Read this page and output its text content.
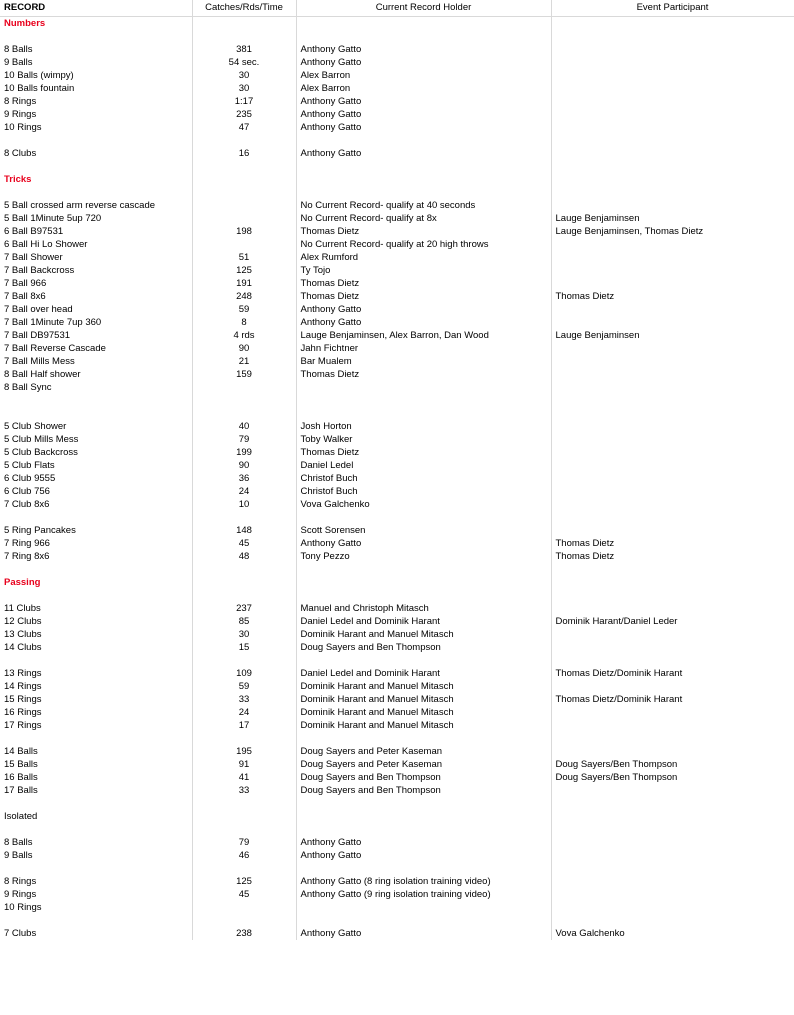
RECORD	Catches/Rds/Time	Current Record Holder	Event Participant
Numbers			

8 Balls	381	Anthony Gatto	
9 Balls	54 sec.	Anthony Gatto	
10 Balls (wimpy)	30	Alex Barron	
10 Balls fountain	30	Alex Barron	
8 Rings	1:17	Anthony Gatto	
9 Rings	235	Anthony Gatto	
10 Rings	47	Anthony Gatto	

8 Clubs	16	Anthony Gatto	

Tricks			

5 Ball crossed arm reverse cascade		No Current Record- qualify at 40 seconds	
5 Ball 1Minute 5up 720		No Current Record- qualify at 8x	Lauge Benjaminsen
6 Ball B97531	198	Thomas Dietz	Lauge Benjaminsen, Thomas Dietz
6 Ball Hi Lo Shower		No Current Record- qualify at 20 high throws	
7 Ball Shower	51	Alex Rumford	
7 Ball Backcross	125	Ty Tojo	
7 Ball 966	191	Thomas Dietz	
7 Ball 8x6	248	Thomas Dietz	Thomas Dietz
7 Ball over head	59	Anthony Gatto	
7 Ball 1Minute 7up 360	8	Anthony Gatto	
7 Ball DB97531	4 rds	Lauge Benjaminsen, Alex Barron, Dan Wood	Lauge Benjaminsen
7 Ball Reverse Cascade	90	Jahn Fichtner	
7 Ball Mills Mess	21	Bar Mualem	
8 Ball Half shower	159	Thomas Dietz	
8 Ball Sync			

5 Club Shower	40	Josh Horton	
5 Club Mills Mess	79	Toby Walker	
5 Club Backcross	199	Thomas Dietz	
5 Club Flats	90	Daniel Ledel	
6 Club 9555	36	Christof Buch	
6 Club 756	24	Christof Buch	
7 Club 8x6	10	Vova Galchenko	

5 Ring Pancakes	148	Scott Sorensen	
7 Ring 966	45	Anthony Gatto	Thomas Dietz
7 Ring 8x6	48	Tony Pezzo	Thomas Dietz

Passing			

11 Clubs	237	Manuel and Christoph Mitasch	
12 Clubs	85	Daniel Ledel and Dominik Harant	Dominik Harant/Daniel Leder
13 Clubs	30	Dominik Harant and Manuel Mitasch	
14 Clubs	15	Doug Sayers and Ben Thompson	

13 Rings	109	Daniel Ledel and Dominik Harant	Thomas Dietz/Dominik Harant
14 Rings	59	Dominik Harant and Manuel Mitasch	
15 Rings	33	Dominik Harant and Manuel Mitasch	Thomas Dietz/Dominik Harant
16 Rings	24	Dominik Harant and Manuel Mitasch	
17 Rings	17	Dominik Harant and Manuel Mitasch	

14 Balls	195	Doug Sayers and Peter Kaseman	
15 Balls	91	Doug Sayers and Peter Kaseman	Doug Sayers/Ben Thompson
16 Balls	41	Doug Sayers and Ben Thompson	Doug Sayers/Ben Thompson
17 Balls	33	Doug Sayers and Ben Thompson	

Isolated			

8 Balls	79	Anthony Gatto	
9 Balls	46	Anthony Gatto	

8 Rings	125	Anthony Gatto (8 ring isolation training video)	
9 Rings	45	Anthony Gatto (9 ring isolation training video)	
10 Rings			

7 Clubs	238	Anthony Gatto	Vova Galchenko
